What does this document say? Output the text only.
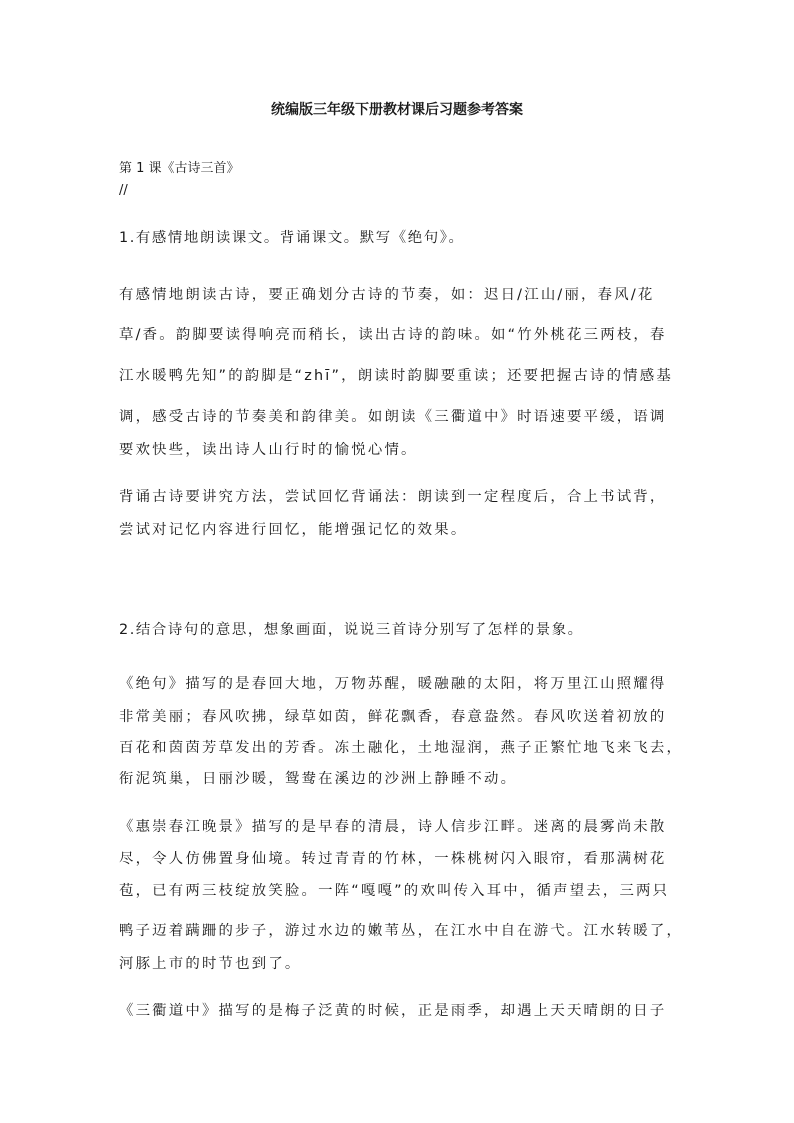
统编版三年级下册教材课后习题参考答案
第 1 课《古诗三首》
//
1.有感情地朗读课文。背诵课文。默写《绝句》。
有感情地朗读古诗，要正确划分古诗的节奏，如：迟日/江山/丽，春风/花
草/香。韵脚要读得响亮而稍长，读出古诗的韵味。如“竹外桃花三两枝，春
江水暖鸭先知”的韵脚是“zhī”，朗读时韵脚要重读；还要把握古诗的情感基
调，感受古诗的节奏美和韵律美。如朗读《三衢道中》时语速要平缓，语调
要欢快些，读出诗人山行时的愉悦心情。
背诵古诗要讲究方法，尝试回忆背诵法：朗读到一定程度后，合上书试背，
尝试对记忆内容进行回忆，能增强记忆的效果。
2.结合诗句的意思，想象画面，说说三首诗分别写了怎样的景象。
《绝句》描写的是春回大地，万物苏醒，暖融融的太阳，将万里江山照耀得
非常美丽；春风吹拂，绿草如茵，鲜花飘香，春意盎然。春风吹送着初放的
百花和茵茵芳草发出的芳香。冻土融化，土地湿润，燕子正繁忙地飞来飞去，
衔泥筑巢，日丽沙暖，鸳鸯在溪边的沙洲上静睡不动。
《惠崇春江晚景》描写的是早春的清晨，诗人信步江畔。迷离的晨雾尚未散
尽，令人仿佛置身仙境。转过青青的竹林，一株桃树闪入眼帘，看那满树花
苞，已有两三枝绽放笑脸。一阵“嘎嘎”的欢叫传入耳中，循声望去，三两只
鸭子迈着蹒跚的步子，游过水边的嫩苇丛，在江水中自在游弋。江水转暖了，
河豚上市的时节也到了。
《三衢道中》描写的是梅子泛黄的时候，正是雨季，却遇上天天晴朗的日子
